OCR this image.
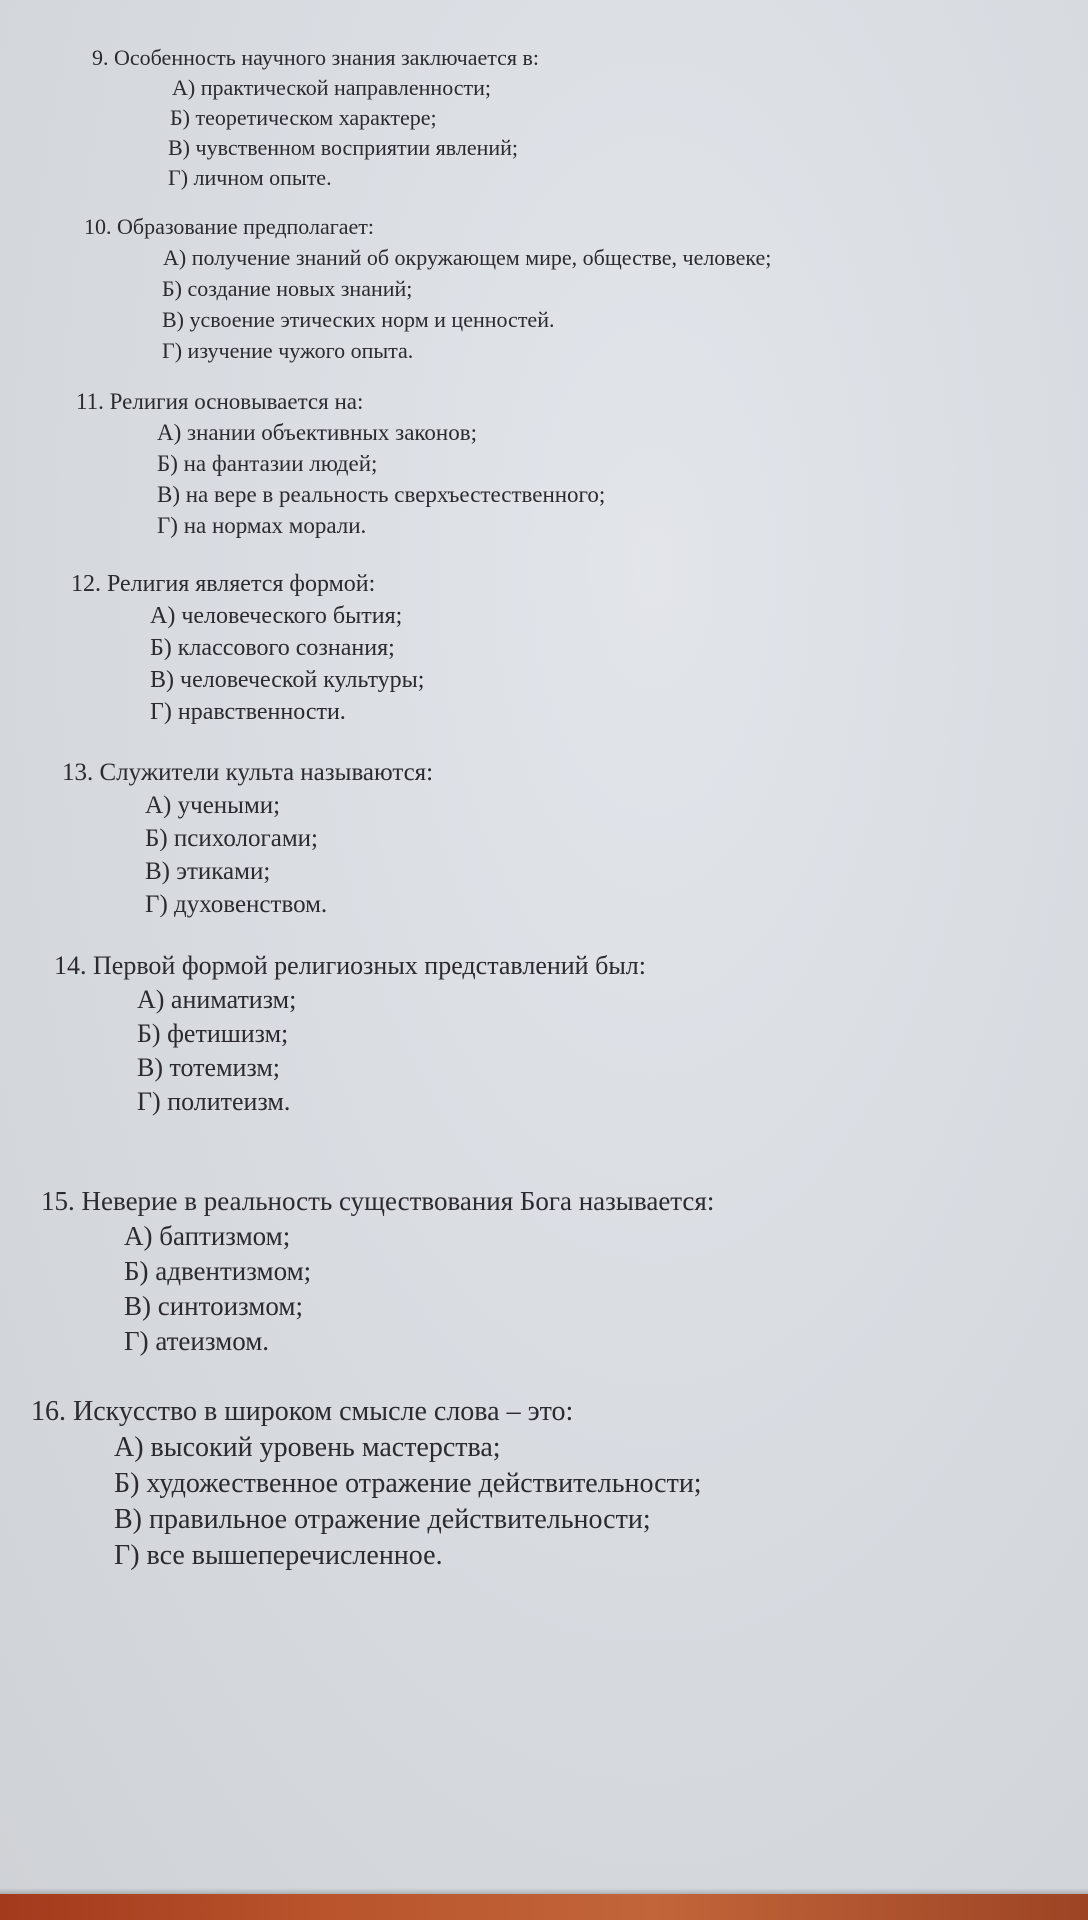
9. Особенность научного знания заключается в:
А) практической направленности;
Б) теоретическом характере;
В) чувственном восприятии явлений;
Г) личном опыте.
10. Образование предполагает:
А) получение знаний об окружающем мире, обществе, человеке;
Б) создание новых знаний;
В) усвоение этических норм и ценностей.
Г) изучение чужого опыта.
11. Религия основывается на:
А) знании объективных законов;
Б) на фантазии людей;
В) на вере в реальность сверхъестественного;
Г) на нормах морали.
12. Религия является формой:
А) человеческого бытия;
Б) классового сознания;
В) человеческой культуры;
Г) нравственности.
13. Служители культа называются:
А) учеными;
Б) психологами;
В) этиками;
Г) духовенством.
14. Первой формой религиозных представлений был:
А) аниматизм;
Б) фетишизм;
В) тотемизм;
Г) политеизм.
15. Неверие в реальность существования Бога называется:
А) баптизмом;
Б) адвентизмом;
В) синтоизмом;
Г) атеизмом.
16. Искусство в широком смысле слова – это:
А) высокий уровень мастерства;
Б) художественное отражение действительности;
В) правильное отражение действительности;
Г) все вышеперечисленное.
